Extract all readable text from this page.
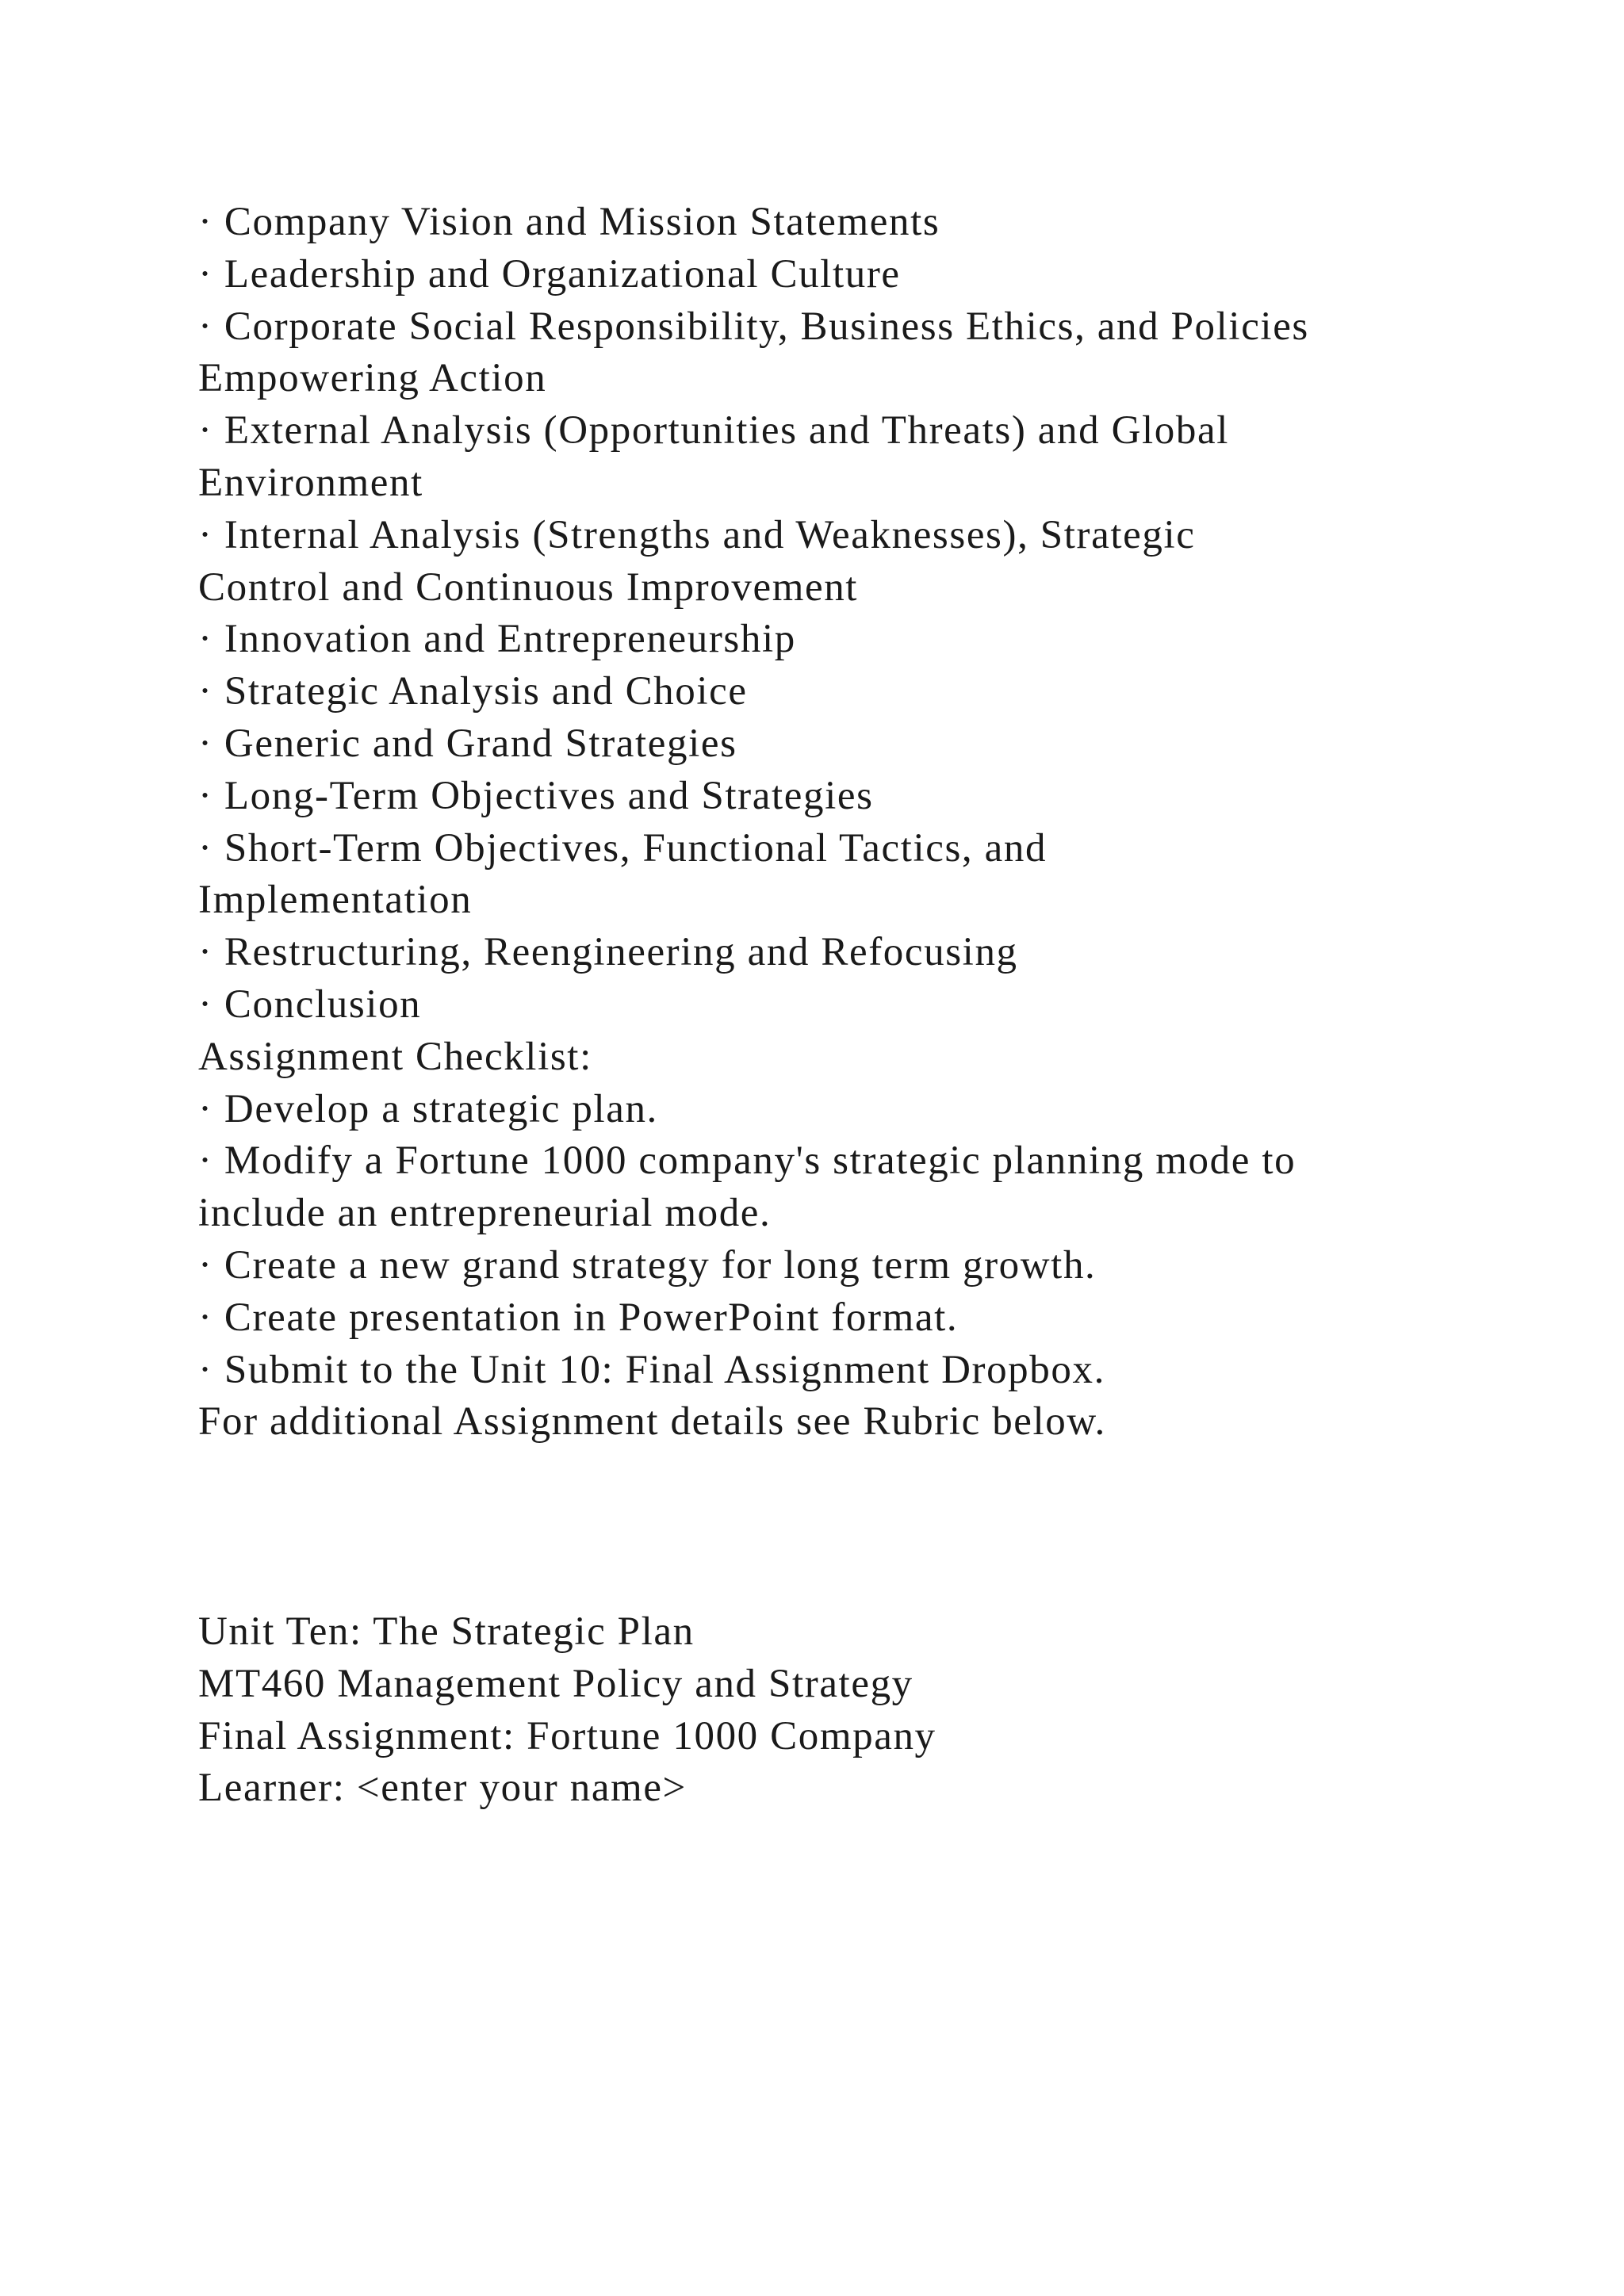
· Company Vision and Mission Statements
· Leadership and Organizational Culture
· Corporate Social Responsibility, Business Ethics, and Policies
Empowering Action
· External Analysis (Opportunities and Threats) and Global
Environment
· Internal Analysis (Strengths and Weaknesses), Strategic
Control and Continuous Improvement
· Innovation and Entrepreneurship
· Strategic Analysis and Choice
· Generic and Grand Strategies
· Long-Term Objectives and Strategies
· Short-Term Objectives, Functional Tactics, and
Implementation
· Restructuring, Reengineering and Refocusing
· Conclusion
Assignment Checklist:
· Develop a strategic plan.
· Modify a Fortune 1000 company's strategic planning mode to
include an entrepreneurial mode.
· Create a new grand strategy for long term growth.
· Create presentation in PowerPoint format.
· Submit to the Unit 10: Final Assignment Dropbox.
For additional Assignment details see Rubric below.
Unit Ten: The Strategic Plan
MT460 Management Policy and Strategy
Final Assignment: Fortune 1000 Company
Learner: <enter your name>
